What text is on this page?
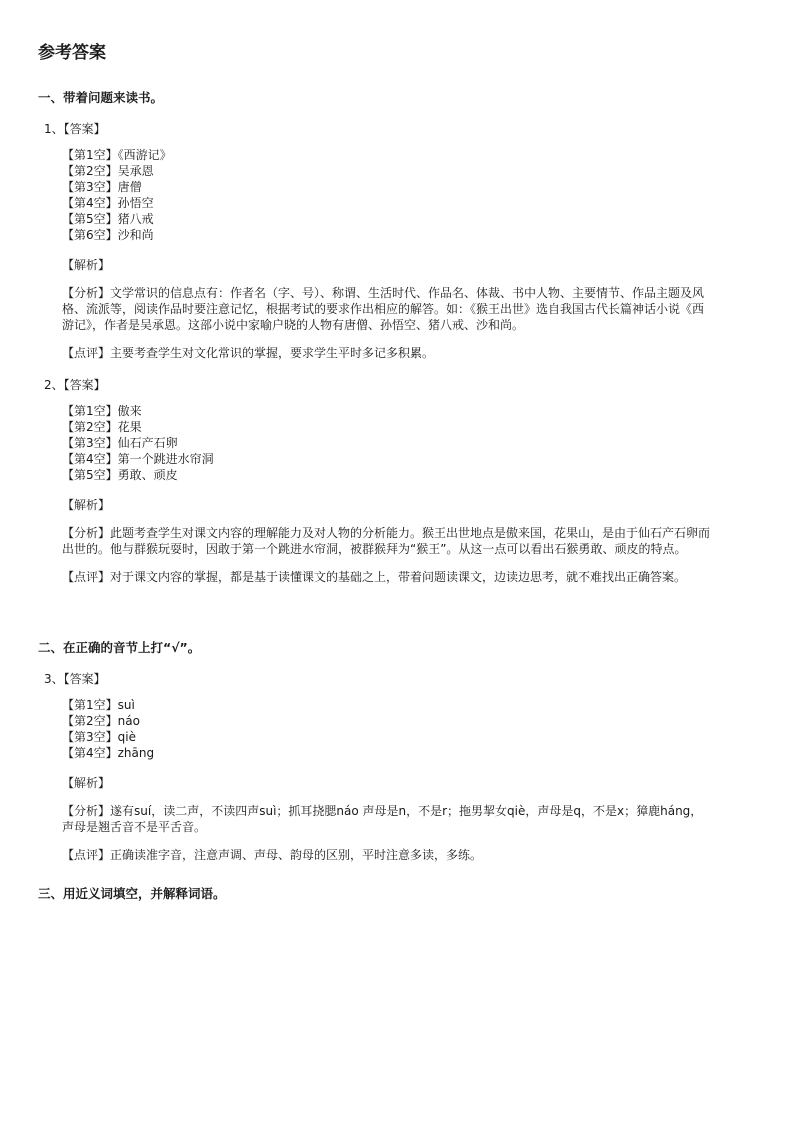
参考答案
一、带着问题来读书。
1、【答案】
【第1空】《西游记》
【第2空】吴承恩
【第3空】唐僧
【第4空】孙悟空
【第5空】猪八戒
【第6空】沙和尚
【解析】
【分析】文学常识的信息点有：作者名（字、号）、称谓、生活时代、作品名、体裁、书中人物、主要情节、作品主题及风格、流派等，阅读作品时要注意记忆，根据考试的要求作出相应的解答。如：《猴王出世》选自我国古代长篇神话小说《西游记》，作者是吴承恩。这部小说中家喻户晓的人物有唐僧、孙悟空、猪八戒、沙和尚。
【点评】主要考查学生对文化常识的掌握，要求学生平时多记多积累。
2、【答案】
【第1空】傲来
【第2空】花果
【第3空】仙石产石卵
【第4空】第一个跳进水帘洞
【第5空】勇敢、顽皮
【解析】
【分析】此题考查学生对课文内容的理解能力及对人物的分析能力。猴王出世地点是傲来国，花果山，是由于仙石产石卵而出世的。他与群猴玩耍时，因敢于第一个跳进水帘洞，被群猴拜为“猴王”。从这一点可以看出石猴勇敢、顽皮的特点。
【点评】对于课文内容的掌握，都是基于读懂课文的基础之上，带着问题读课文，边读边思考，就不难找出正确答案。
二、在正确的音节上打“√”。
3、【答案】
【第1空】suì
【第2空】náo
【第3空】qiè
【第4空】zhāng
【解析】
【分析】遂有suí，读二声，不读四声suì；抓耳挠腮náo 声母是n，不是r；拖男挈女qiè，声母是q，不是x；獐鹿háng，声母是翘舌音不是平舌音。
【点评】正确读准字音，注意声调、声母、韵母的区别，平时注意多读，多练。
三、用近义词填空，并解释词语。
